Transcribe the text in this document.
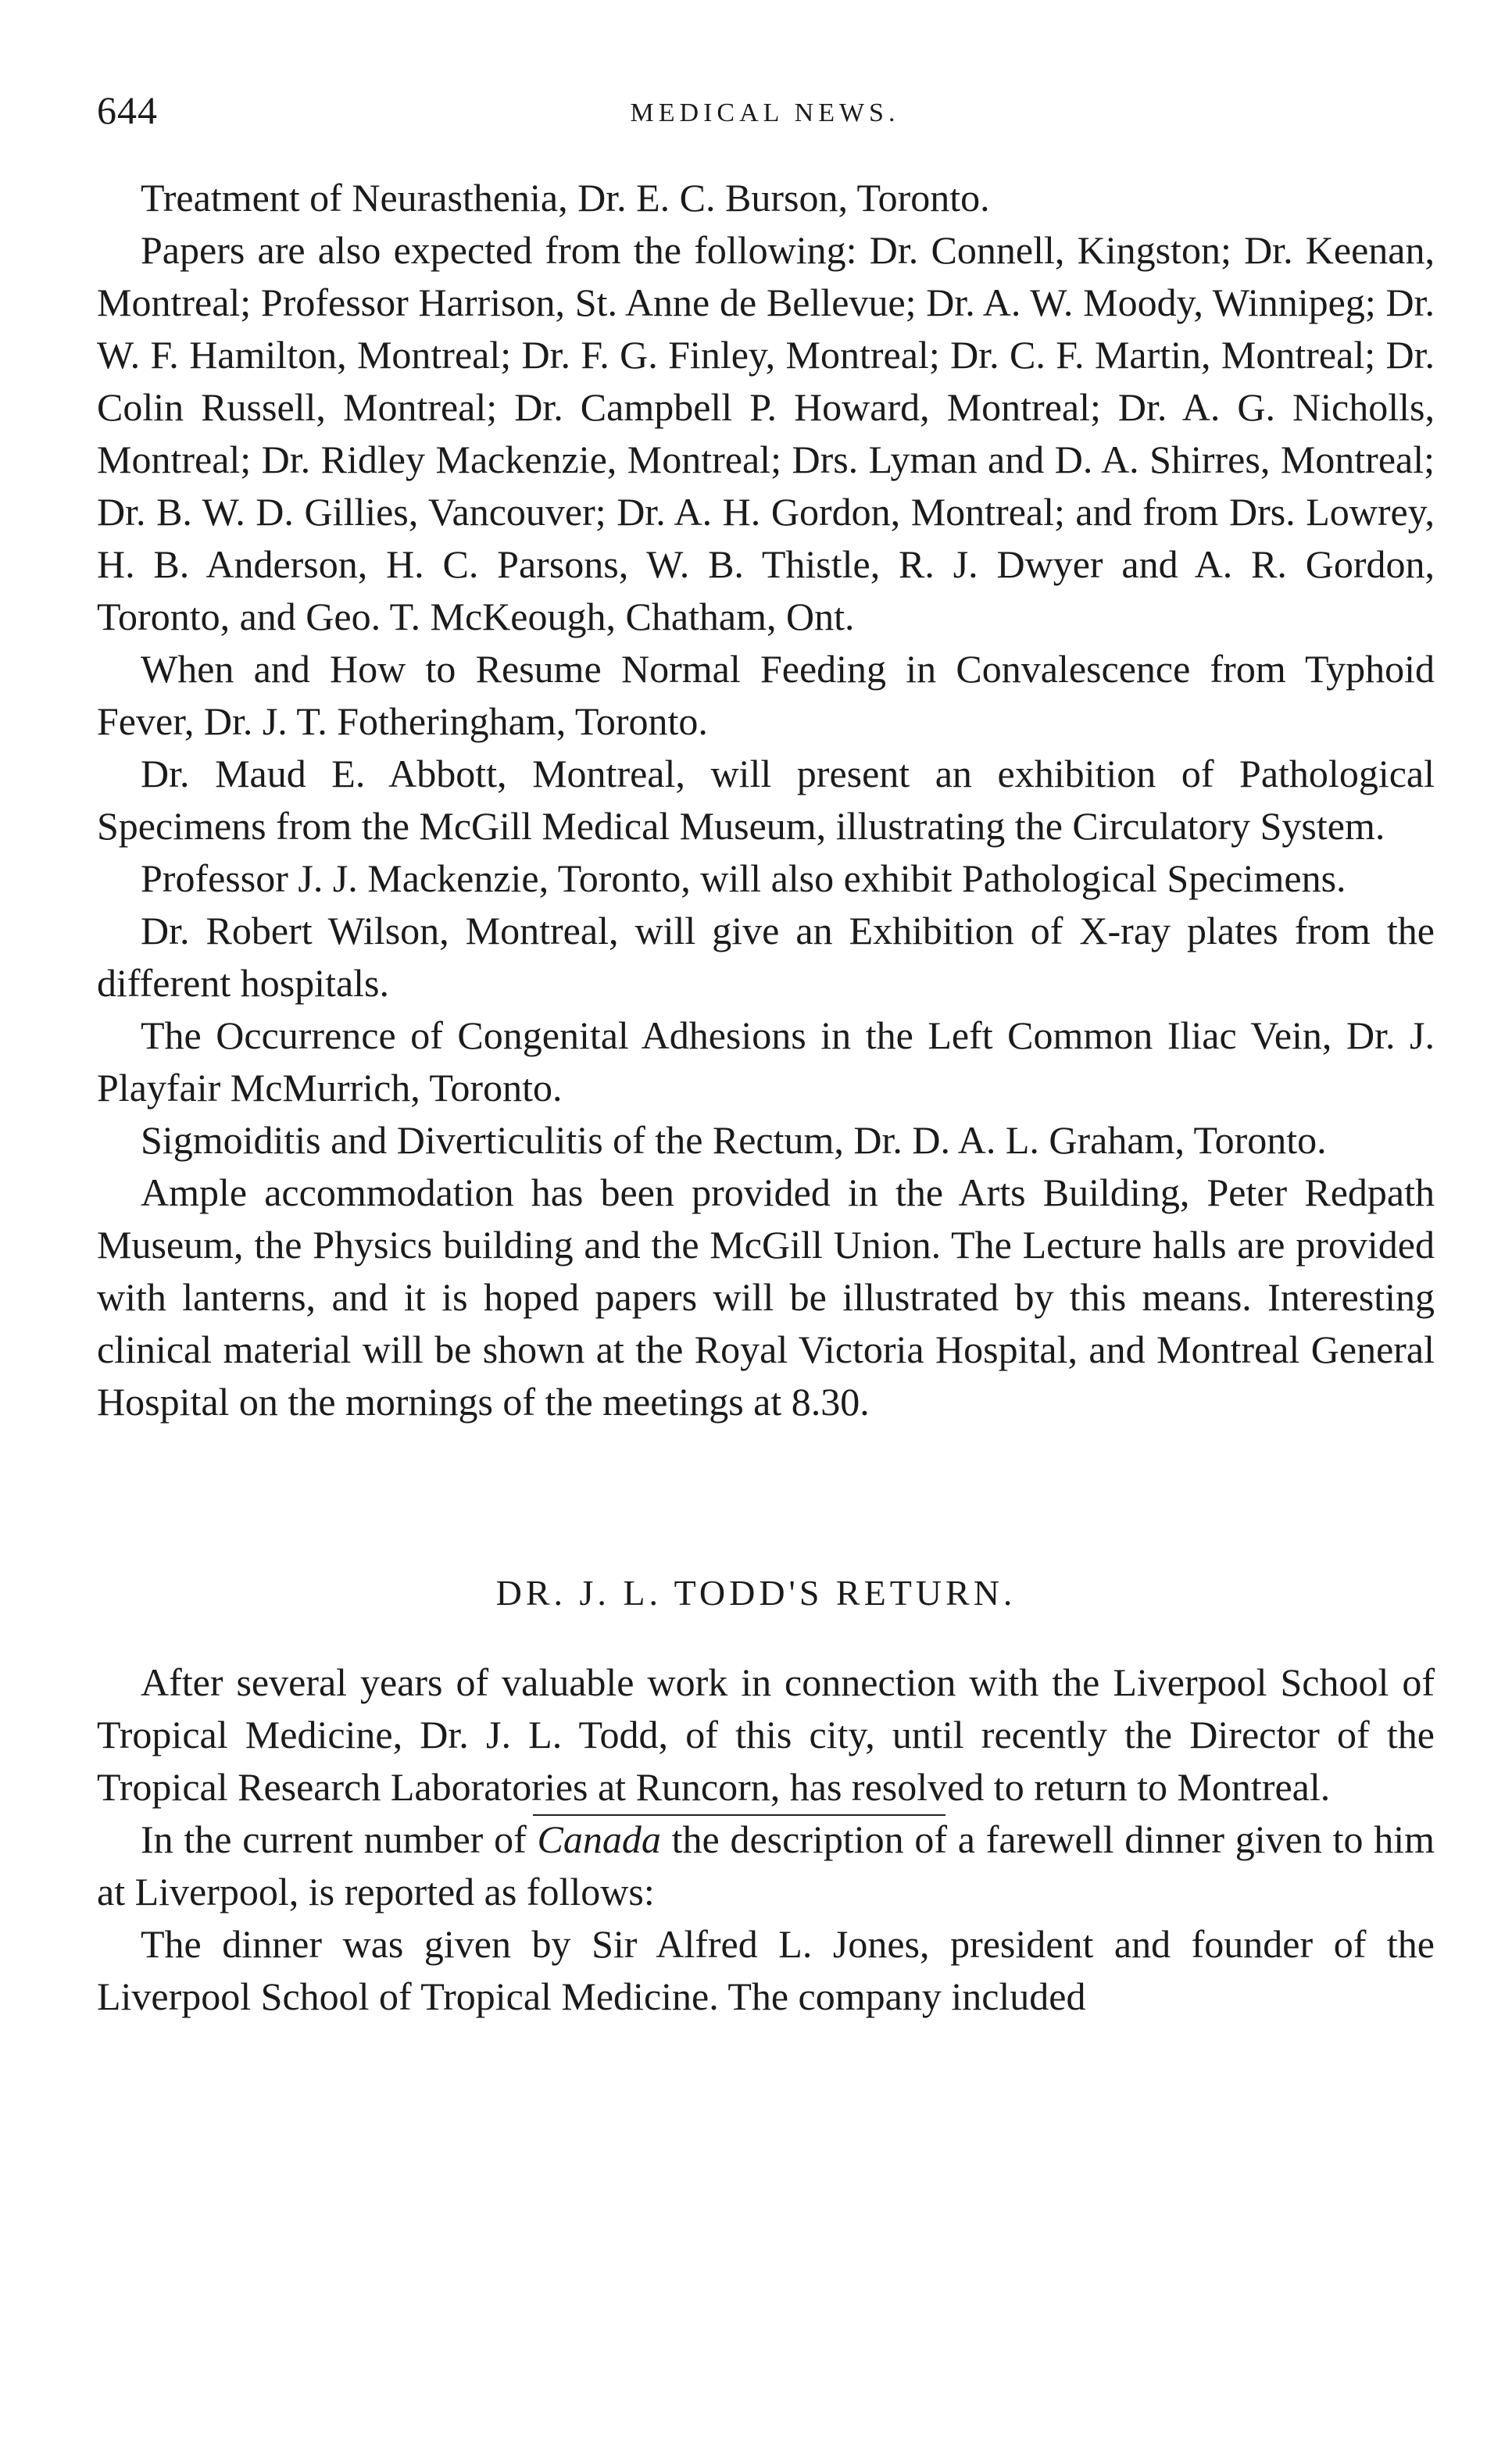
644	MEDICAL NEWS.

Treatment of Neurasthenia, Dr. E. C. Burson, Toronto.

Papers are also expected from the following: Dr. Connell, Kingston; Dr. Keenan, Montreal; Professor Harrison, St. Anne de Bellevue; Dr. A. W. Moody, Winnipeg; Dr. W. F. Hamilton, Montreal; Dr. F. G. Finley, Montreal; Dr. C. F. Martin, Montreal; Dr. Colin Russell, Montreal; Dr. Campbell P. Howard, Montreal; Dr. A. G. Nicholls, Montreal; Dr. Ridley Mackenzie, Montreal; Drs. Lyman and D. A. Shirres, Montreal; Dr. B. W. D. Gillies, Vancouver; Dr. A. H. Gordon, Montreal; and from Drs. Lowrey, H. B. Anderson, H. C. Parsons, W. B. Thistle, R. J. Dwyer and A. R. Gordon, Toronto, and Geo. T. McKeough, Chatham, Ont.

When and How to Resume Normal Feeding in Convalescence from Typhoid Fever, Dr. J. T. Fotheringham, Toronto.

Dr. Maud E. Abbott, Montreal, will present an exhibition of Pathological Specimens from the McGill Medical Museum, illustrating the Circulatory System.

Professor J. J. Mackenzie, Toronto, will also exhibit Pathological Specimens.

Dr. Robert Wilson, Montreal, will give an Exhibition of X-ray plates from the different hospitals.

The Occurrence of Congenital Adhesions in the Left Common Iliac Vein, Dr. J. Playfair McMurrich, Toronto.

Sigmoiditis and Diverticulitis of the Rectum, Dr. D. A. L. Graham, Toronto.

Ample accommodation has been provided in the Arts Building, Peter Redpath Museum, the Physics building and the McGill Union. The Lecture halls are provided with lanterns, and it is hoped papers will be illustrated by this means. Interesting clinical material will be shown at the Royal Victoria Hospital, and Montreal General Hospital on the mornings of the meetings at 8.30.

DR. J. L. TODD'S RETURN.

After several years of valuable work in connection with the Liverpool School of Tropical Medicine, Dr. J. L. Todd, of this city, until recently the Director of the Tropical Research Laboratories at Runcorn, has resolved to return to Montreal.

In the current number of Canada the description of a farewell dinner given to him at Liverpool, is reported as follows:

The dinner was given by Sir Alfred L. Jones, president and founder of the Liverpool School of Tropical Medicine. The company included
